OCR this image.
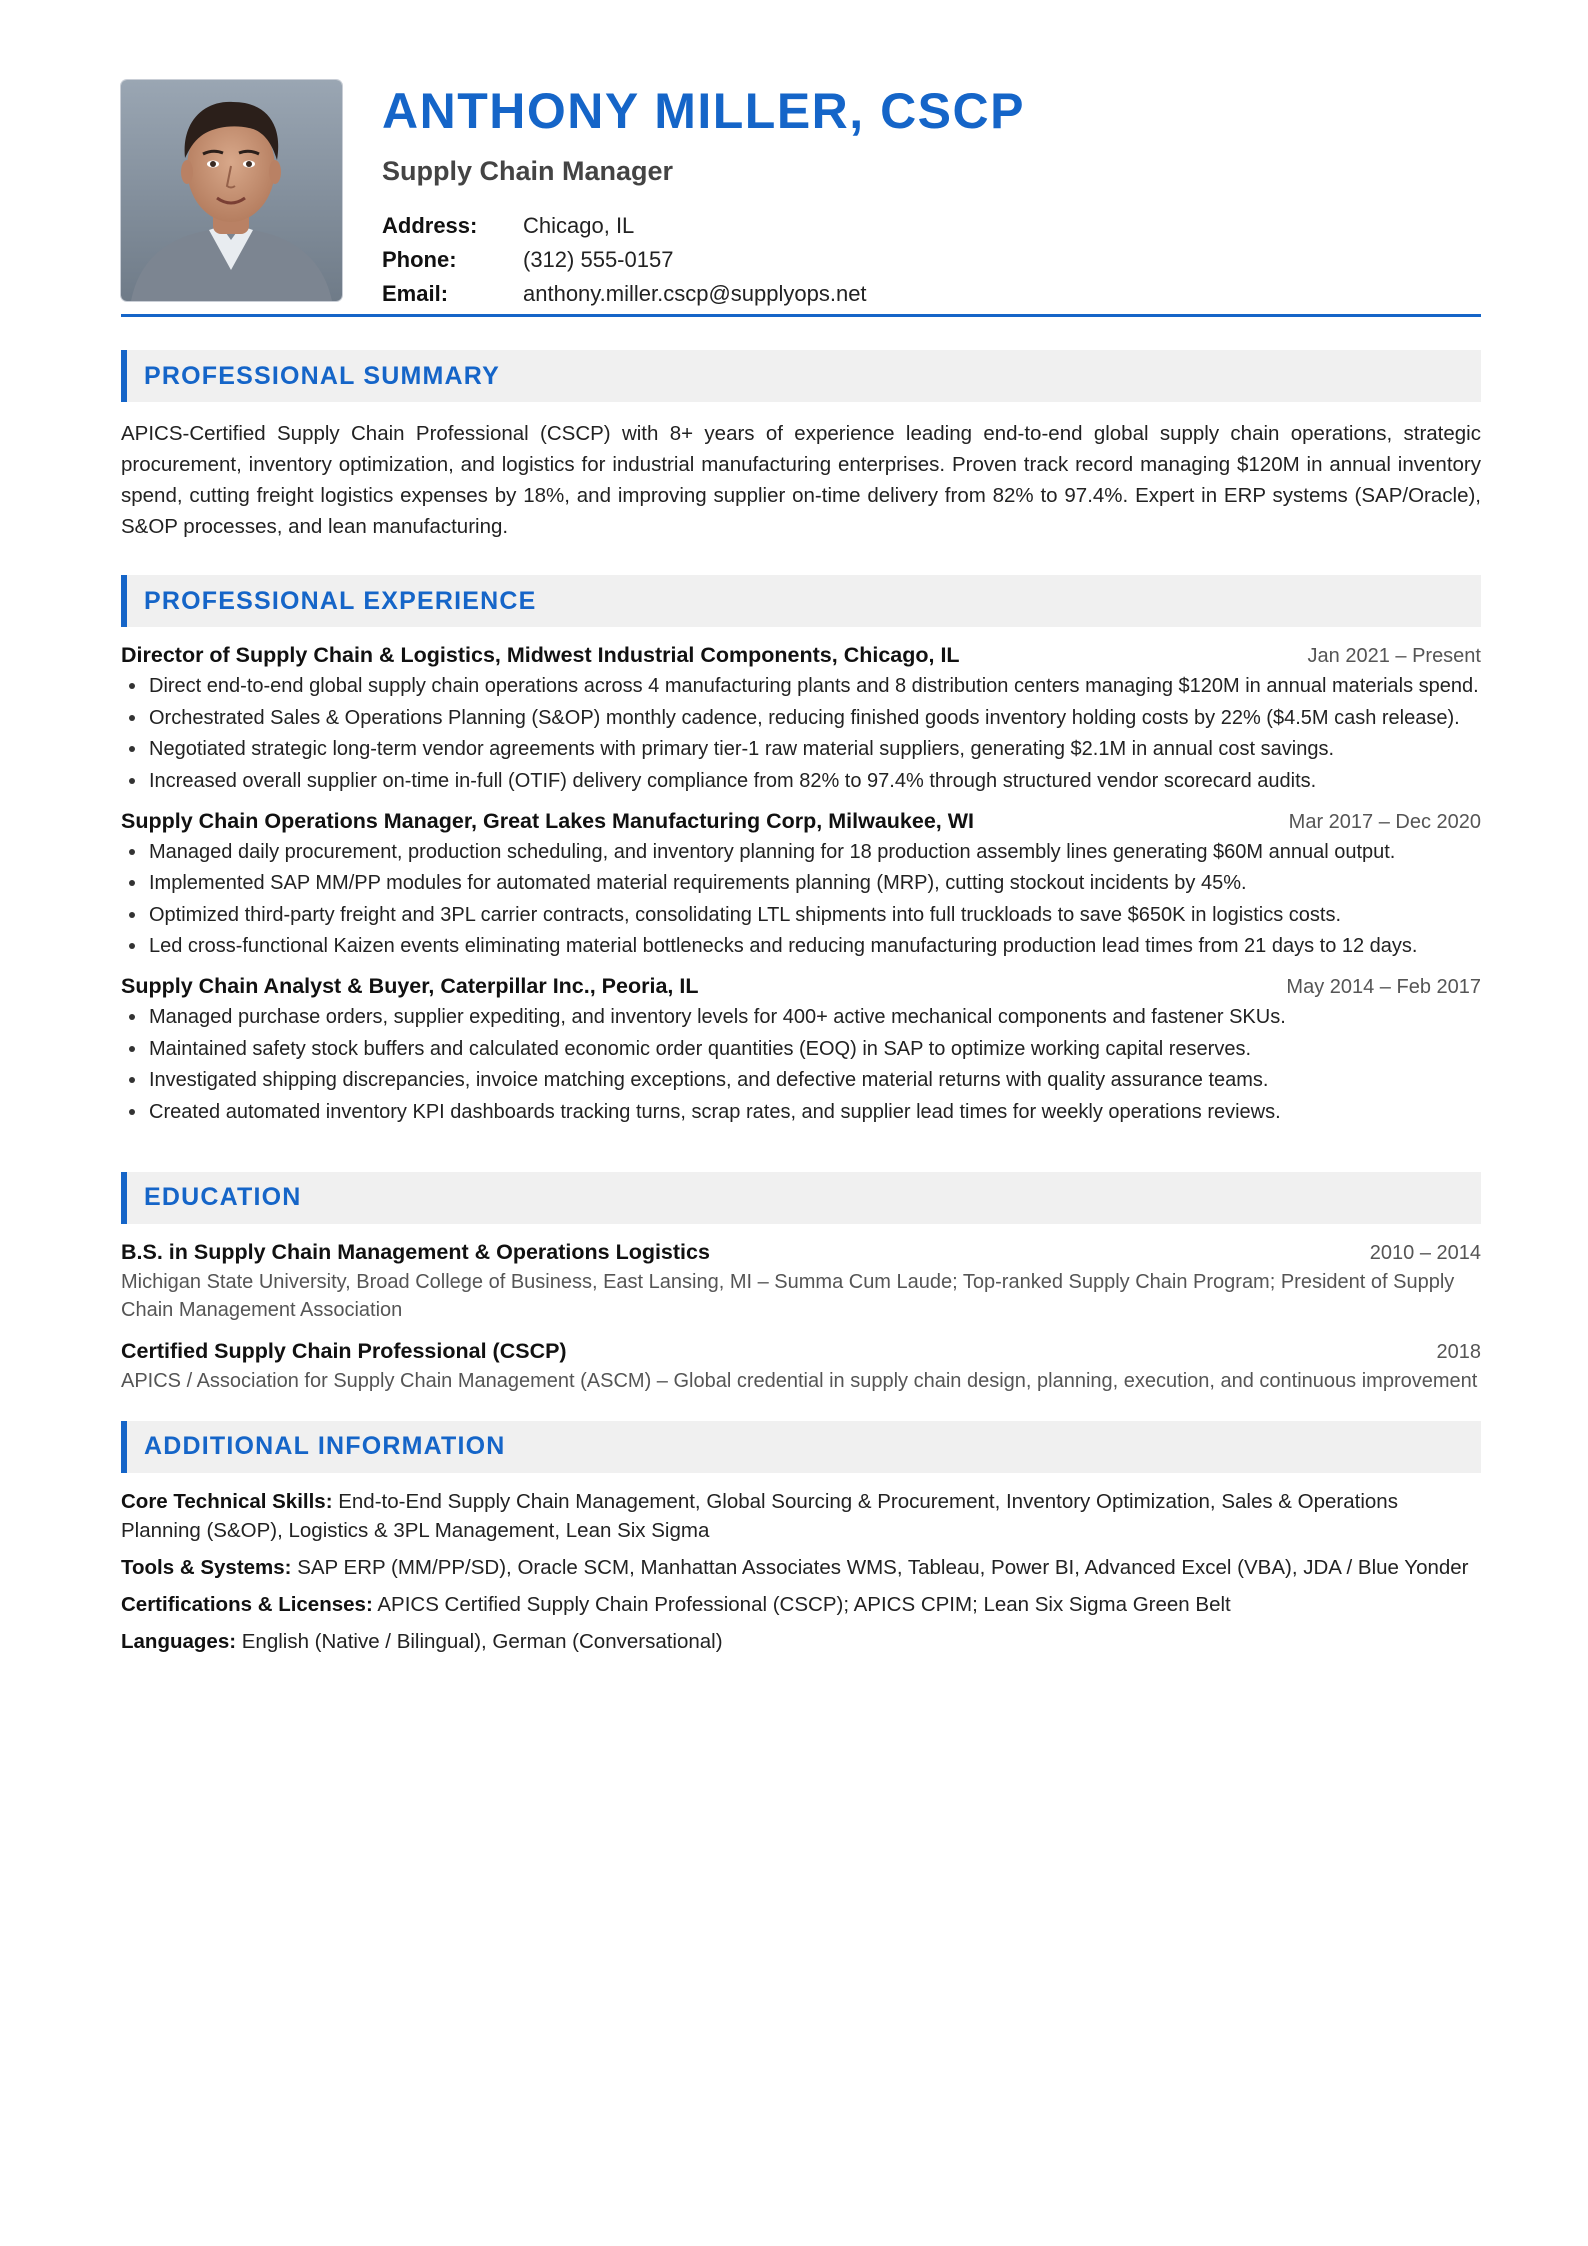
ANTHONY MILLER, CSCP
Supply Chain Manager
Address:	Chicago, IL
Phone:	(312) 555-0157
Email:	anthony.miller.cscp@supplyops.net
PROFESSIONAL SUMMARY

APICS-Certified Supply Chain Professional (CSCP) with 8+ years of experience leading end-to-end global supply chain operations, strategic procurement, inventory optimization, and logistics for industrial manufacturing enterprises. Proven track record managing $120M in annual inventory spend, cutting freight logistics expenses by 18%, and improving supplier on-time delivery from 82% to 97.4%. Expert in ERP systems (SAP/Oracle), S&OP processes, and lean manufacturing.

PROFESSIONAL EXPERIENCE
Director of Supply Chain & Logistics, Midwest Industrial Components, Chicago, IL	Jan 2021 – Present
Direct end-to-end global supply chain operations across 4 manufacturing plants and 8 distribution centers managing $120M in annual materials spend.
Orchestrated Sales & Operations Planning (S&OP) monthly cadence, reducing finished goods inventory holding costs by 22% ($4.5M cash release).
Negotiated strategic long-term vendor agreements with primary tier-1 raw material suppliers, generating $2.1M in annual cost savings.
Increased overall supplier on-time in-full (OTIF) delivery compliance from 82% to 97.4% through structured vendor scorecard audits.
Supply Chain Operations Manager, Great Lakes Manufacturing Corp, Milwaukee, WI	Mar 2017 – Dec 2020
Managed daily procurement, production scheduling, and inventory planning for 18 production assembly lines generating $60M annual output.
Implemented SAP MM/PP modules for automated material requirements planning (MRP), cutting stockout incidents by 45%.
Optimized third-party freight and 3PL carrier contracts, consolidating LTL shipments into full truckloads to save $650K in logistics costs.
Led cross-functional Kaizen events eliminating material bottlenecks and reducing manufacturing production lead times from 21 days to 12 days.
Supply Chain Analyst & Buyer, Caterpillar Inc., Peoria, IL	May 2014 – Feb 2017
Managed purchase orders, supplier expediting, and inventory levels for 400+ active mechanical components and fastener SKUs.
Maintained safety stock buffers and calculated economic order quantities (EOQ) in SAP to optimize working capital reserves.
Investigated shipping discrepancies, invoice matching exceptions, and defective material returns with quality assurance teams.
Created automated inventory KPI dashboards tracking turns, scrap rates, and supplier lead times for weekly operations reviews.
EDUCATION
B.S. in Supply Chain Management & Operations Logistics	2010 – 2014
Michigan State University, Broad College of Business, East Lansing, MI – Summa Cum Laude; Top-ranked Supply Chain Program; President of Supply Chain Management Association
Certified Supply Chain Professional (CSCP)	2018
APICS / Association for Supply Chain Management (ASCM) – Global credential in supply chain design, planning, execution, and continuous improvement
ADDITIONAL INFORMATION
Core Technical Skills: End-to-End Supply Chain Management, Global Sourcing & Procurement, Inventory Optimization, Sales & Operations Planning (S&OP), Logistics & 3PL Management, Lean Six Sigma
Tools & Systems: SAP ERP (MM/PP/SD), Oracle SCM, Manhattan Associates WMS, Tableau, Power BI, Advanced Excel (VBA), JDA / Blue Yonder
Certifications & Licenses: APICS Certified Supply Chain Professional (CSCP); APICS CPIM; Lean Six Sigma Green Belt
Languages: English (Native / Bilingual), German (Conversational)
